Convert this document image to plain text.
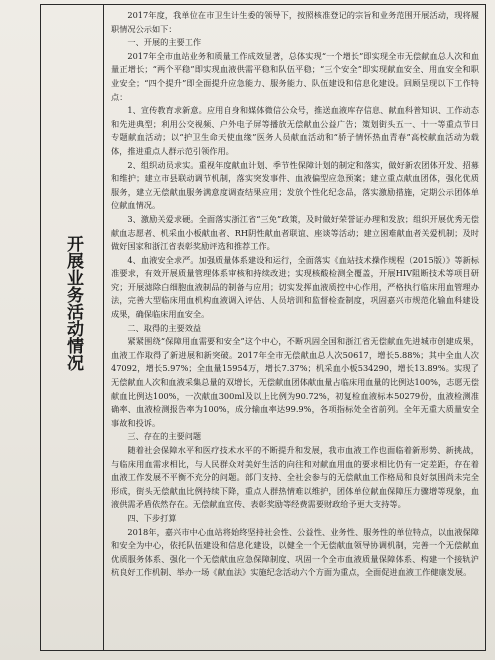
开展业务活动情况

2017年度，我单位在市卫生计生委的领导下，按照核准登记的宗旨和业务范围开展活动，现将履职情况公示如下：

一、开展的主要工作

2017年全市血站业务和质量工作成效显著，总体实现“一个增长”即实现全市无偿献血总人次和血量正增长；“两个平稳”即实现血液供需平稳和队伍平稳；“三个安全”即实现献血安全、用血安全和职业安全；“四个提升”即全面提升应急能力、服务能力、队伍建设和信息化建设。回顾呈现以下工作特点：

1、宣传教育求新意。应用自身和媒体微信公众号，推送血液库存信息、献血科普知识、工作动态和先进典型；利用公交视频、户外电子屏等播放无偿献血公益广告；策划街头五一、十一等重点节日专题献血活动；以“护卫生命天使血缘”医务人员献血活动和“骄子情怀热血青春”高校献血活动为载体，推进重点人群示范引领作用。

2、组织动员求实。重视年度献血计划、季节性保障计划的制定和落实，做好新农团体开发、招募和维护；建立市县联动调节机制，落实突发事件、血液偏型应急预案；建立重点献血团体，强化优质服务，建立无偿献血服务满意度调查结果应用；发放个性化纪念品，落实激励措施，定期公示团体单位献血情况。

3、激励关爱求硬。全面落实浙江省“三免”政策，及时做好荣誉证办理和发放；组织开展优秀无偿献血志愿者、机采血小板献血者、RH阴性献血者联谊、座谈等活动；建立困难献血者关爱机制；及时做好国家和浙江省表彰奖励评选和推荐工作。

4、血液安全求严。加强质量体系建设和运行，全面落实《血站技术操作规程（2015版）》等新标准要求，有效开展质量管理体系审核和持续改进；实现核酸检测全覆盖，开展HIV阻断技术等项目研究；开展滤除白细胞血液制品的制备与应用；切实发挥血液质控中心作用，严格执行临床用血管理办法，完善大型临床用血机构血液调入评估、人员培训和监督检查制度，巩固嘉兴市规范化输血科建设成果，确保临床用血安全。

二、取得的主要效益

紧紧围绕“保障用血需要和安全”这个中心，不断巩固全国和浙江省无偿献血先进城市创建成果，血液工作取得了新进展和新突破。2017年全市无偿献血总人次50617，增长5.88%；其中全血人次47092，增长5.97%；全血量15954万，增长7.37%；机采血小板534290，增长13.89%。实现了无偿献血人次和血液采集总量的双增长，无偿献血团体献血量占临床用血量的比例达100%，志愿无偿献血比例达100%，一次献血300ml及以上比例为90.72%，初复检血液标本50279份，血液检测准确率、血液检测报告率为100%，成分输血率达99.9%，各项指标处全省前列。全年无重大质量安全事故和投诉。

三、存在的主要问题

随着社会保障水平和医疗技术水平的不断提升和发展，我市血液工作也面临着新形势、新挑战，与临床用血需求相比，与人民群众对美好生活的向往和对献血用血的要求相比仍有一定差距，存在着血液工作发展不平衡不充分的问题。部门支持、全社会参与的无偿献血工作格局和良好氛围尚未完全形成，街头无偿献血比例持续下降，重点人群热情难以维护，团体单位献血保障压力骤增等现象，血液供需矛盾依然存在。无偿献血宣传、表彰奖励等经费需要财政给予更大支持等。

四、下步打算

2018年，嘉兴市中心血站将始终坚持社会性、公益性、业务性、服务性的单位特点，以血液保障和安全为中心，依托队伍建设和信息化建设，以健全一个无偿献血领导协调机制，完善一个无偿献血优质服务体系、强化一个无偿献血应急保障制度、巩固一个全市血液质量保障体系、构建一个接轨沪杭良好工作机制、举办一场《献血法》实施纪念活动六个方面为重点，全面促进血液工作健康发展。
